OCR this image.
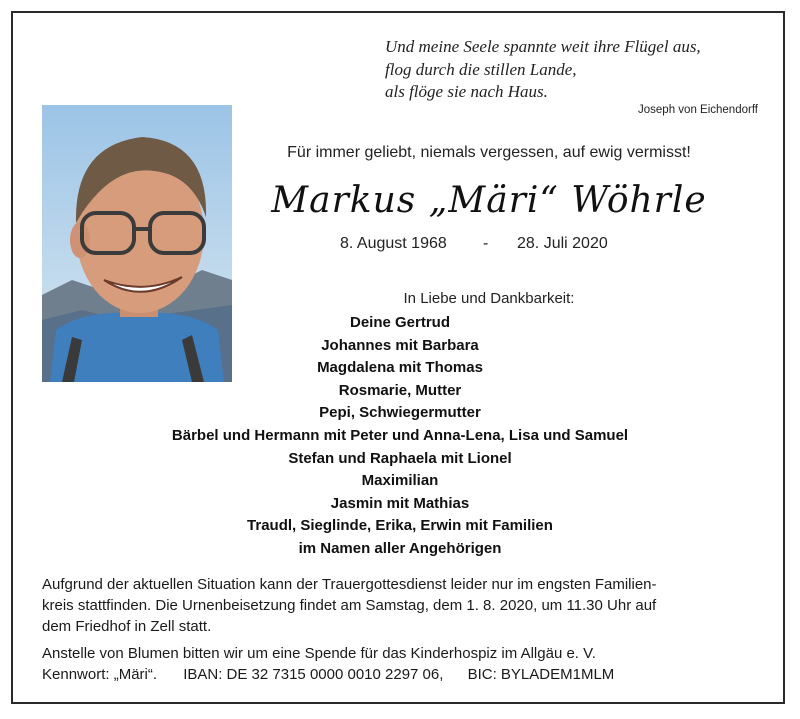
Und meine Seele spannte weit ihre Flügel aus,
flog durch die stillen Lande,
als flöge sie nach Haus.
Joseph von Eichendorff
Für immer geliebt, niemals vergessen, auf ewig vermisst!
Markus „Märi“ Wöhrle
8. August 1968 - 28. Juli 2020
In Liebe und Dankbarkeit:
Deine Gertrud
Johannes mit Barbara
Magdalena mit Thomas
Rosmarie, Mutter
Pepi, Schwiegermutter
Bärbel und Hermann mit Peter und Anna-Lena, Lisa und Samuel
Stefan und Raphaela mit Lionel
Maximilian
Jasmin mit Mathias
Traudl, Sieglinde, Erika, Erwin mit Familien
im Namen aller Angehörigen

Aufgrund der aktuellen Situation kann der Trauergottesdienst leider nur im engsten Familien-

kreis stattfinden. Die Urnenbeisetzung findet am Samstag, dem 1. 8. 2020, um 11.30 Uhr auf

dem Friedhof in Zell statt.

Anstelle von Blumen bitten wir um eine Spende für das Kinderhospiz im Allgäu e. V.

Kennwort: „Märi“. IBAN: DE 32 7315 0000 0010 2297 06, BIC: BYLADEM1MLM
